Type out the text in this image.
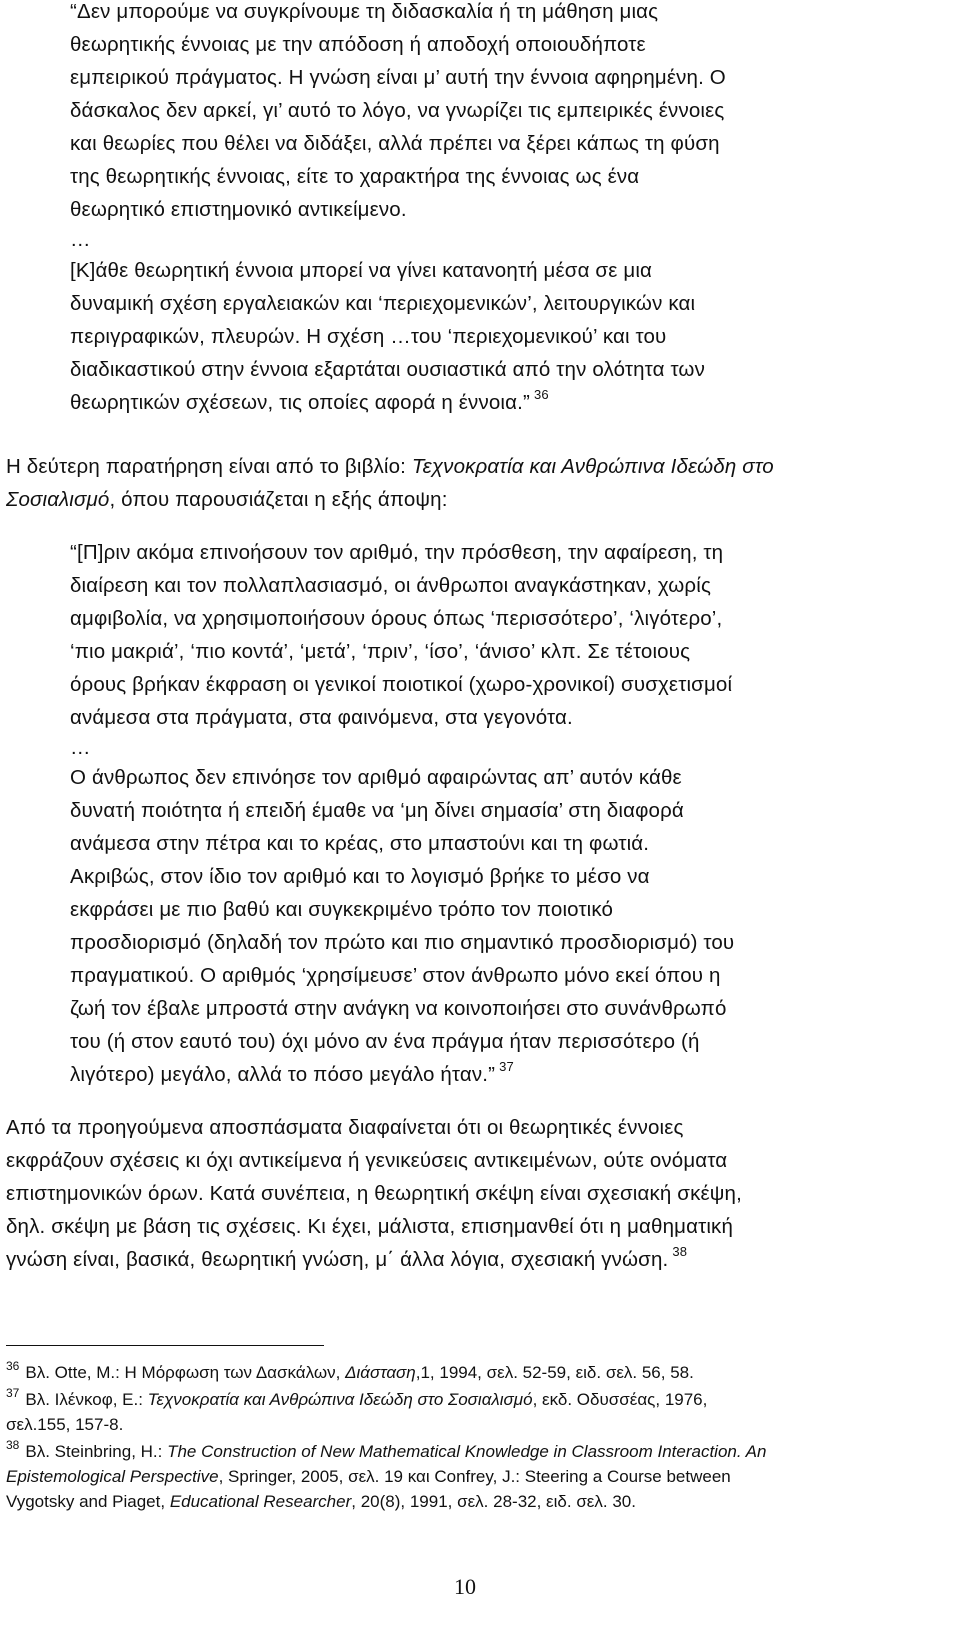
“Δεν μπορούμε να συγκρίνουμε τη διδασκαλία ή τη μάθηση μιας
θεωρητικής έννοιας με την απόδοση ή αποδοχή οποιουδήποτε
εμπειρικού πράγματος. Η γνώση είναι μ’ αυτή την έννοια αφηρημένη. Ο
δάσκαλος δεν αρκεί, γι’ αυτό το λόγο, να γνωρίζει τις εμπειρικές έννοιες
και θεωρίες που θέλει να διδάξει, αλλά πρέπει να ξέρει κάπως τη φύση
της θεωρητικής έννοιας, είτε το χαρακτήρα της έννοιας ως ένα
θεωρητικό επιστημονικό αντικείμενο.
…
[Κ]άθε θεωρητική έννοια μπορεί να γίνει κατανοητή μέσα σε μια
δυναμική σχέση εργαλειακών και ‘περιεχομενικών’, λειτουργικών και
περιγραφικών, πλευρών. Η σχέση …του ‘περιεχομενικού’ και του
διαδικαστικού στην έννοια εξαρτάται ουσιαστικά από την ολότητα των
θεωρητικών σχέσεων, τις οποίες αφορά η έννοια.” $^{36}$
Η δεύτερη παρατήρηση είναι από το βιβλίο: Τεχνοκρατία και Ανθρώπινα Ιδεώδη στο
Σοσιαλισμό, όπου παρουσιάζεται η εξής άποψη:
“[Π]ριν ακόμα επινοήσουν τον αριθμό, την πρόσθεση, την αφαίρεση, τη
διαίρεση και τον πολλαπλασιασμό, οι άνθρωποι αναγκάστηκαν, χωρίς
αμφιβολία, να χρησιμοποιήσουν όρους όπως ‘περισσότερο’, ‘λιγότερο’,
‘πιο μακριά’, ‘πιο κοντά’, ‘μετά’, ‘πριν’, ‘ίσο’, ‘άνισο’ κλπ. Σε τέτοιους
όρους βρήκαν έκφραση οι γενικοί ποιοτικοί (χωρο-χρονικοί) συσχετισμοί
ανάμεσα στα πράγματα, στα φαινόμενα, στα γεγονότα.
…
Ο άνθρωπος δεν επινόησε τον αριθμό αφαιρώντας απ’ αυτόν κάθε
δυνατή ποιότητα ή επειδή έμαθε να ‘μη δίνει σημασία’ στη διαφορά
ανάμεσα στην πέτρα και το κρέας, στο μπαστούνι και τη φωτιά.
Ακριβώς, στον ίδιο τον αριθμό και το λογισμό βρήκε το μέσο να
εκφράσει με πιο βαθύ και συγκεκριμένο τρόπο τον ποιοτικό
προσδιορισμό (δηλαδή τον πρώτο και πιο σημαντικό προσδιορισμό) του
πραγματικού. Ο αριθμός ‘χρησίμευσε’ στον άνθρωπο μόνο εκεί όπου η
ζωή τον έβαλε μπροστά στην ανάγκη να κοινοποιήσει στο συνάνθρωπό
του (ή στον εαυτό του) όχι μόνο αν ένα πράγμα ήταν περισσότερο (ή
λιγότερο) μεγάλο, αλλά το πόσο μεγάλο ήταν.” $^{37}$
Από τα προηγούμενα αποσπάσματα διαφαίνεται ότι οι θεωρητικές έννοιες
εκφράζουν σχέσεις κι όχι αντικείμενα ή γενικεύσεις αντικειμένων, ούτε ονόματα
επιστημονικών όρων. Κατά συνέπεια, η θεωρητική σκέψη είναι σχεσιακή σκέψη,
δηλ. σκέψη με βάση τις σχέσεις. Κι έχει, μάλιστα, επισημανθεί ότι η μαθηματική
γνώση είναι, βασικά, θεωρητική γνώση, μ΄ άλλα λόγια, σχεσιακή γνώση. $^{38}$
$^{36}$ Βλ. Otte, M.: Η Μόρφωση των Δασκάλων, Διάσταση,1, 1994, σελ. 52-59, ειδ. σελ. 56, 58.
$^{37}$ Βλ. Ιλένκοφ, Ε.: Τεχνοκρατία και Ανθρώπινα Ιδεώδη στο Σοσιαλισμό, εκδ. Οδυσσέας, 1976,
σελ.155, 157-8.
$^{38}$ Βλ. Steinbring, H.: The Construction of New Mathematical Knowledge in Classroom Interaction. An
Epistemological Perspective, Springer, 2005, σελ. 19 και Confrey, J.: Steering a Course between
Vygotsky and Piaget, Educational Researcher, 20(8), 1991, σελ. 28-32, ειδ. σελ. 30.
10
